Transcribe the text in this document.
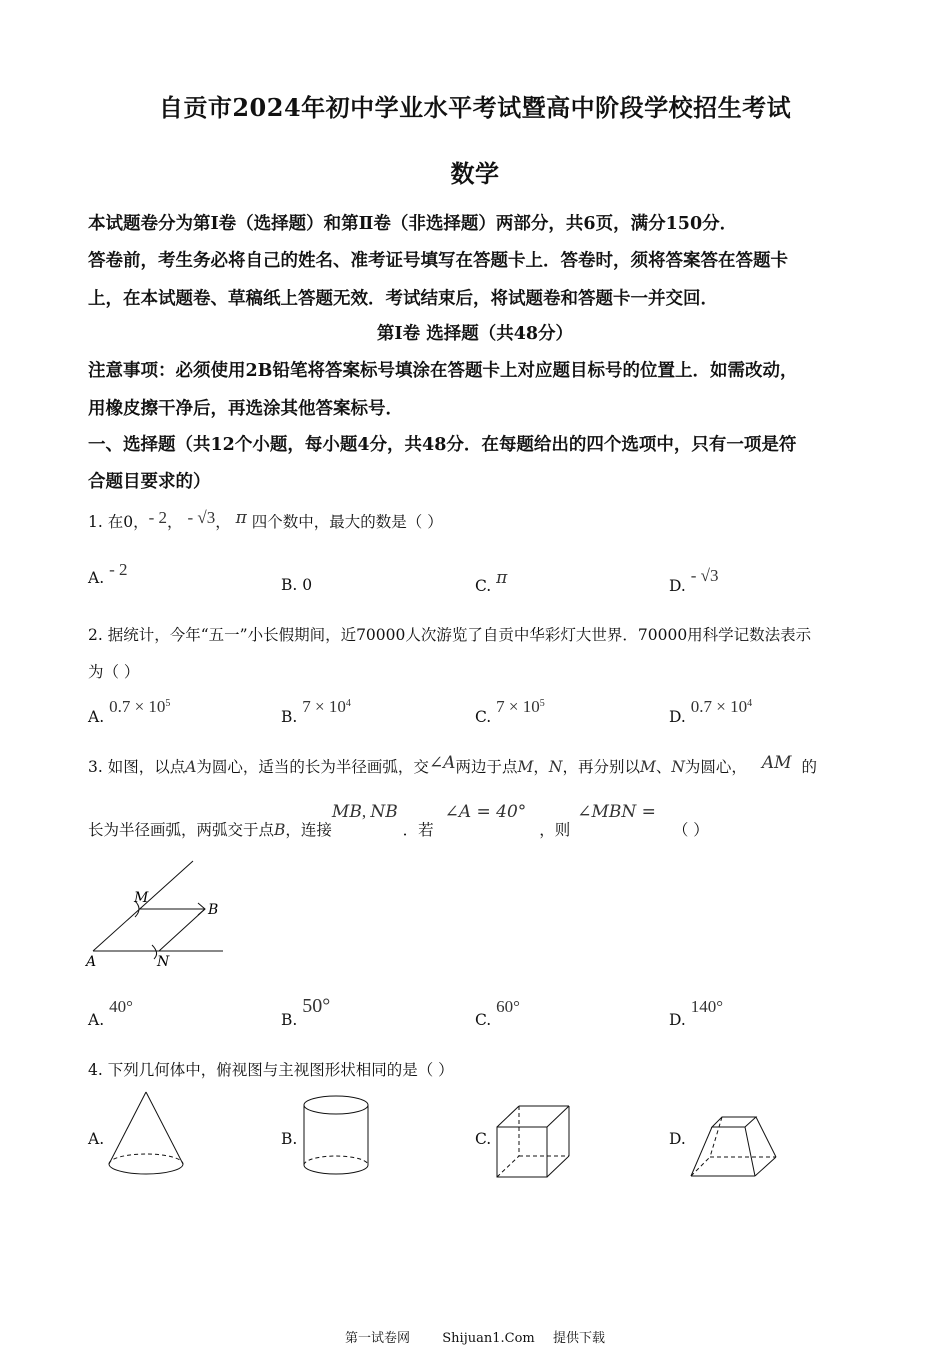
自贡市2024年初中学业水平考试暨高中阶段学校招生考试
数学
本试题卷分为第Ⅰ卷（选择题）和第Ⅱ卷（非选择题）两部分，共6页，满分150分．
答卷前，考生务必将自己的姓名、准考证号填写在答题卡上．答卷时，须将答案答在答题卡
上，在本试题卷、草稿纸上答题无效．考试结束后，将试题卷和答题卡一并交回．
第Ⅰ卷 选择题（共48分）
注意事项：必须使用2B铅笔将答案标号填涂在答题卡上对应题目标号的位置上．如需改动，
用橡皮擦干净后，再选涂其他答案标号．
一、选择题（共12个小题，每小题4分，共48分．在每题给出的四个选项中，只有一项是符
合题目要求的）
1. 在0，- 2， - √3， π 四个数中，最大的数是（ ）
A. - 2
B. 0	C. π	D. - √3
2. 据统计，今年“五一”小长假期间，近70000人次游览了自贡中华彩灯大世界．70000用科学记数法表示
为（ ）
A. $0.7 \times 10^5$
B. $7 \times 10^4$
C. $7 \times 10^5$
D. $0.7 \times 10^4$
3. 如图，以点A为圆心，适当的长为半径画弧，交∠A两边于点M，N，再分别以M、N为圆心， AM 的
长为半径画弧，两弧交于点B，连接MB, NB ．若 ∠A = 40° ，则 ∠MBN = （ ）
M
B
A	N
A. 40°
B. 50°
C. 60°
D. 140°
4. 下列几何体中，俯视图与主视图形状相同的是（ ）
A.	B.	C.	D.
第一试卷网 Shijuan1.Com 提供下载
